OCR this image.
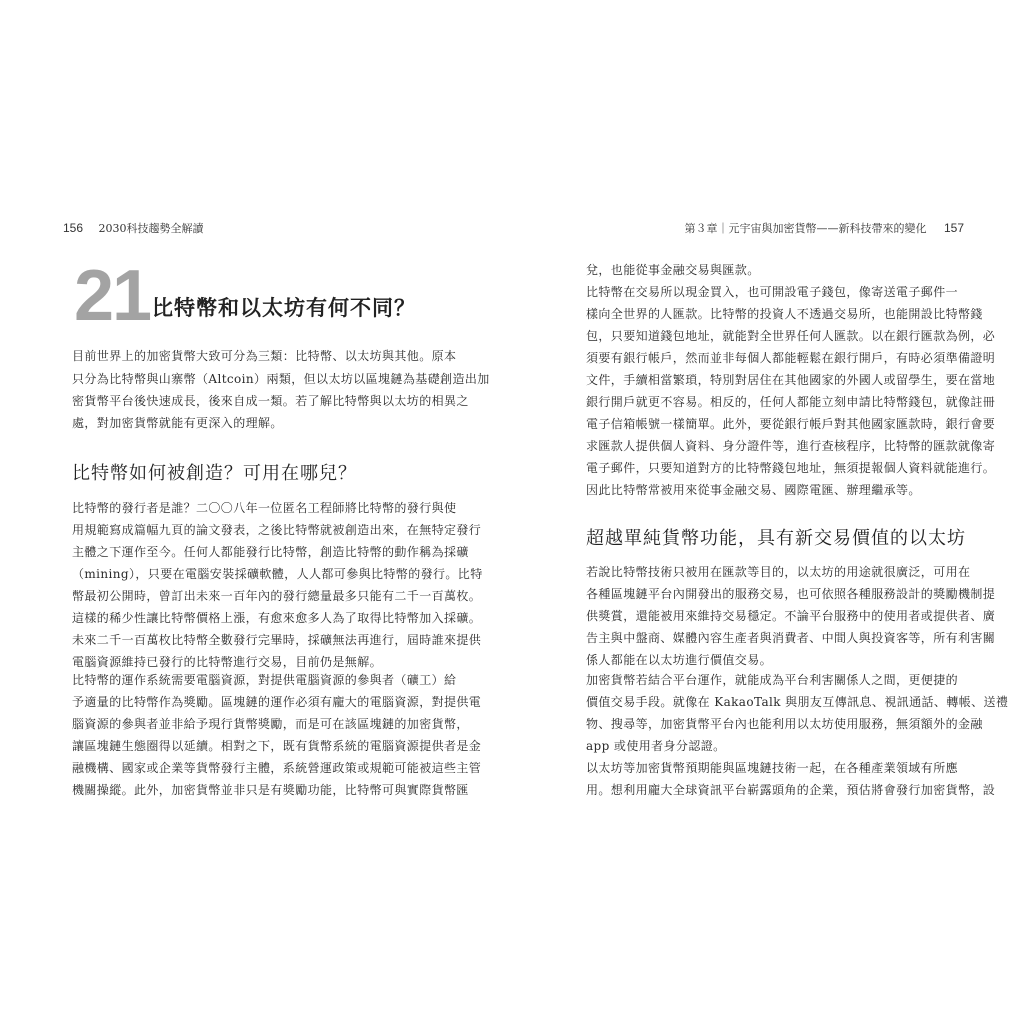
156 2030科技趨勢全解讀
21 比特幣和以太坊有何不同？
目前世界上的加密貨幣大致可分為三類：比特幣、以太坊與其他。原本
只分為比特幣與山寨幣（Altcoin）兩類，但以太坊以區塊鏈為基礎創造出加
密貨幣平台後快速成長，後來自成一類。若了解比特幣與以太坊的相異之
處，對加密貨幣就能有更深入的理解。
比特幣如何被創造？可用在哪兒？
比特幣的發行者是誰？二〇〇八年一位匿名工程師將比特幣的發行與使
用規範寫成篇幅九頁的論文發表，之後比特幣就被創造出來，在無特定發行
主體之下運作至今。任何人都能發行比特幣，創造比特幣的動作稱為採礦
（mining），只要在電腦安裝採礦軟體，人人都可參與比特幣的發行。比特
幣最初公開時，曾訂出未來一百年內的發行總量最多只能有二千一百萬枚。
這樣的稀少性讓比特幣價格上漲，有愈來愈多人為了取得比特幣加入採礦。
未來二千一百萬枚比特幣全數發行完畢時，採礦無法再進行，屆時誰來提供
電腦資源維持已發行的比特幣進行交易，目前仍是無解。
比特幣的運作系統需要電腦資源，對提供電腦資源的參與者（礦工）給
予適量的比特幣作為獎勵。區塊鏈的運作必須有龐大的電腦資源，對提供電
腦資源的參與者並非給予現行貨幣獎勵，而是可在該區塊鏈的加密貨幣，
讓區塊鏈生態圈得以延續。相對之下，既有貨幣系統的電腦資源提供者是金
融機構、國家或企業等貨幣發行主體，系統營運政策或規範可能被這些主管
機關操縱。此外，加密貨幣並非只是有獎勵功能，比特幣可與實際貨幣匯
第３章｜元宇宙與加密貨幣——新科技帶來的變化 157
兌，也能從事金融交易與匯款。
比特幣在交易所以現金買入，也可開設電子錢包，像寄送電子郵件一
樣向全世界的人匯款。比特幣的投資人不透過交易所，也能開設比特幣錢
包，只要知道錢包地址，就能對全世界任何人匯款。以在銀行匯款為例，必
須要有銀行帳戶，然而並非每個人都能輕鬆在銀行開戶，有時必須準備證明
文件，手續相當繁瑣，特別對居住在其他國家的外國人或留學生，要在當地
銀行開戶就更不容易。相反的，任何人都能立刻申請比特幣錢包，就像註冊
電子信箱帳號一樣簡單。此外，要從銀行帳戶對其他國家匯款時，銀行會要
求匯款人提供個人資料、身分證件等，進行查核程序，比特幣的匯款就像寄
電子郵件，只要知道對方的比特幣錢包地址，無須提報個人資料就能進行。
因此比特幣常被用來從事金融交易、國際電匯、辦理繼承等。
超越單純貨幣功能，具有新交易價值的以太坊
若說比特幣技術只被用在匯款等目的，以太坊的用途就很廣泛，可用在
各種區塊鏈平台內開發出的服務交易，也可依照各種服務設計的獎勵機制提
供獎賞，還能被用來維持交易穩定。不論平台服務中的使用者或提供者、廣
告主與中盤商、媒體內容生產者與消費者、中間人與投資客等，所有利害關
係人都能在以太坊進行價值交易。
加密貨幣若結合平台運作，就能成為平台利害關係人之間，更便捷的
價值交易手段。就像在 KakaoTalk 與朋友互傳訊息、視訊通話、轉帳、送禮
物、搜尋等，加密貨幣平台內也能利用以太坊使用服務，無須額外的金融
app 或使用者身分認證。
以太坊等加密貨幣預期能與區塊鏈技術一起，在各種產業領域有所應
用。想利用龐大全球資訊平台嶄露頭角的企業，預估將會發行加密貨幣，設
